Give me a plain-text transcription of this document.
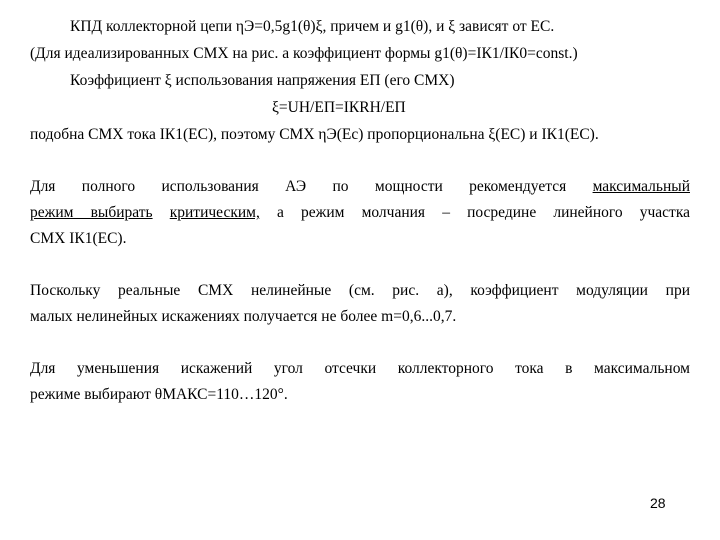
КПД коллекторной цепи ηЭ=0,5g1(θ)ξ, причем и g1(θ), и ξ зависят от EС.
(Для идеализированных СМХ на рис. а коэффициент формы g1(θ)=IК1/IК0=const.)
Коэффициент ξ использования напряжения EП (его СМХ)
ξ=UН/EП=IКRН/EП
подобна СМХ тока IК1(EС), поэтому СМХ ηЭ(Eс) пропорциональна ξ(EС) и IК1(EС).
Для полного использования АЭ по мощности рекомендуется максимальный
режим выбирать критическим, а режим молчания – посредине линейного участка
СМХ IК1(EС).
Поскольку реальные СМХ нелинейные (см. рис. а), коэффициент модуляции при
малых нелинейных искажениях получается не более m=0,6...0,7.
Для уменьшения искажений угол отсечки коллекторного тока в максимальном
режиме выбирают θМАКС=110…120°.
28
